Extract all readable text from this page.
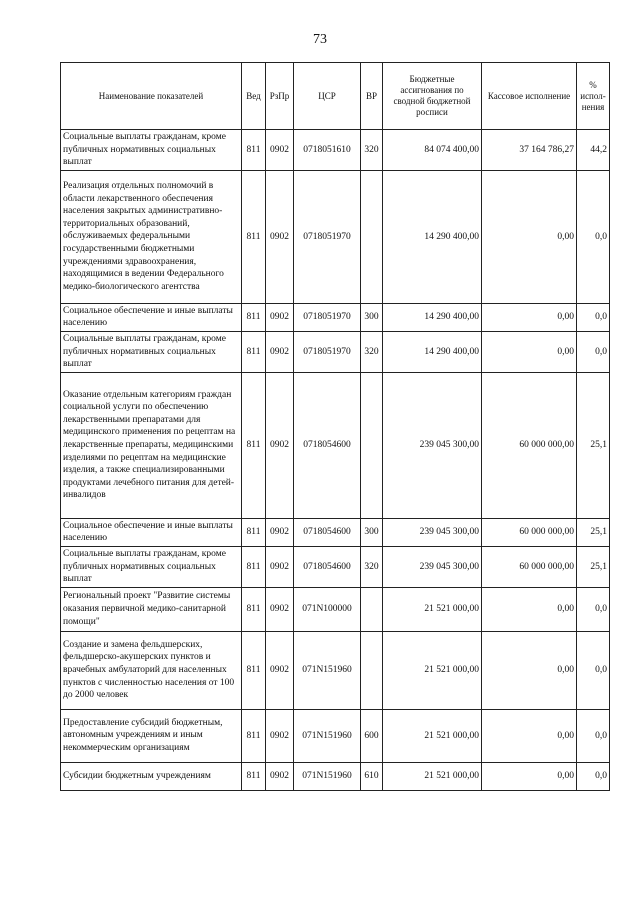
73
Наименование показателей	Вед	РзПр	ЦСР	ВР	Бюджетные ассигнования по сводной бюджетной росписи	Кассовое исполнение	% испол-нения
Социальные выплаты гражданам, кроме публичных нормативных социальных выплат	811	0902	0718051610	320	84 074 400,00	37 164 786,27	44,2
Реализация отдельных полномочий в области лекарственного обеспечения населения закрытых административно-территориальных образований, обслуживаемых федеральными государственными бюджетными учреждениями здравоохранения, находящимися в ведении Федерального медико-биологического агентства	811	0902	0718051970		14 290 400,00	0,00	0,0
Социальное обеспечение и иные выплаты населению	811	0902	0718051970	300	14 290 400,00	0,00	0,0
Социальные выплаты гражданам, кроме публичных нормативных социальных выплат	811	0902	0718051970	320	14 290 400,00	0,00	0,0
Оказание отдельным категориям граждан социальной услуги по обеспечению лекарственными препаратами для медицинского применения по рецептам на лекарственные препараты, медицинскими изделиями по рецептам на медицинские изделия, а также специализированными продуктами лечебного питания для детей-инвалидов	811	0902	0718054600		239 045 300,00	60 000 000,00	25,1
Социальное обеспечение и иные выплаты населению	811	0902	0718054600	300	239 045 300,00	60 000 000,00	25,1
Социальные выплаты гражданам, кроме публичных нормативных социальных выплат	811	0902	0718054600	320	239 045 300,00	60 000 000,00	25,1
Региональный проект "Развитие системы оказания первичной медико-санитарной помощи"	811	0902	071N100000		21 521 000,00	0,00	0,0
Создание и замена фельдшерских, фельдшерско-акушерских пунктов и врачебных амбулаторий для населенных пунктов с численностью населения от 100 до 2000 человек	811	0902	071N151960		21 521 000,00	0,00	0,0
Предоставление субсидий бюджетным, автономным учреждениям и иным некоммерческим организациям	811	0902	071N151960	600	21 521 000,00	0,00	0,0
Субсидии бюджетным учреждениям	811	0902	071N151960	610	21 521 000,00	0,00	0,0
